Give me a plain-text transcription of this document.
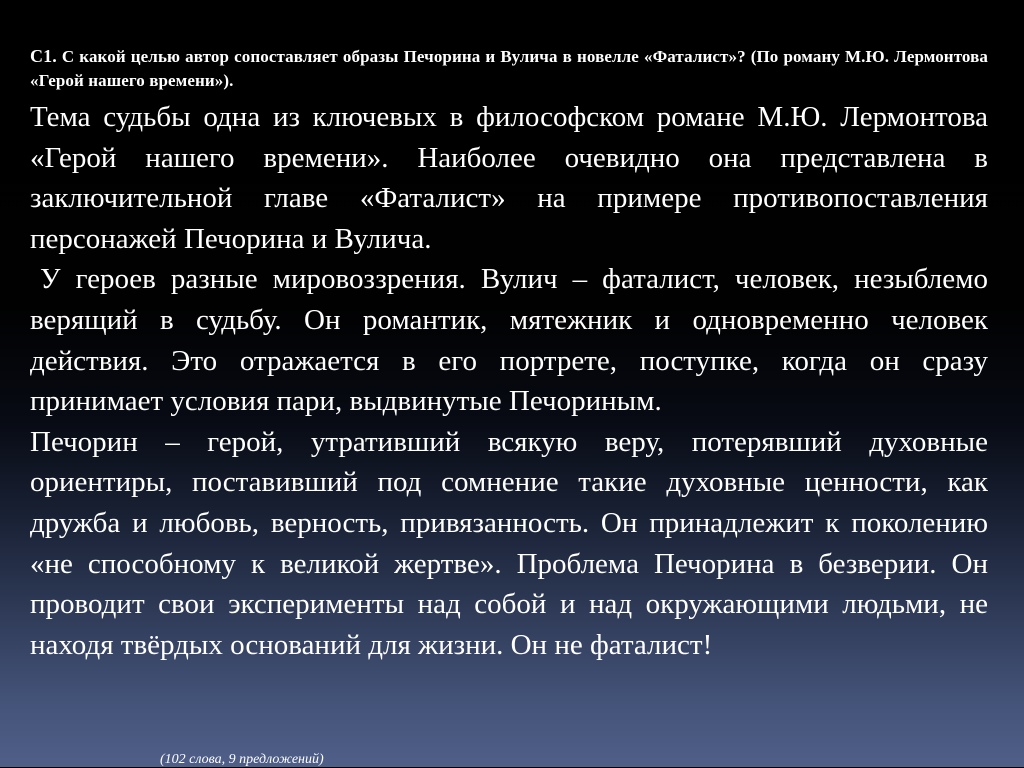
С1. С какой целью автор сопоставляет образы Печорина и Вулича в новелле «Фаталист»? (По роману М.Ю. Лермонтова «Герой нашего времени»).

Тема судьбы одна из ключевых в философском романе М.Ю. Лермонтова «Герой нашего времени». Наиболее очевидно она представлена в заключительной главе «Фаталист» на примере противопоставления персонажей Печорина и Вулича.

У героев разные мировоззрения. Вулич – фаталист, человек, незыблемо верящий в судьбу. Он романтик, мятежник и одновременно человек действия. Это отражается в его портрете, поступке, когда он сразу принимает условия пари, выдвинутые Печориным.

Печорин – герой, утративший всякую веру, потерявший духовные ориентиры, поставивший под сомнение такие духовные ценности, как дружба и любовь, верность, привязанность. Он принадлежит к поколению «не способному к великой жертве». Проблема Печорина в безверии. Он проводит свои эксперименты над собой и над окружающими людьми, не находя твёрдых оснований для жизни. Он не фаталист!

(102 слова, 9 предложений)
